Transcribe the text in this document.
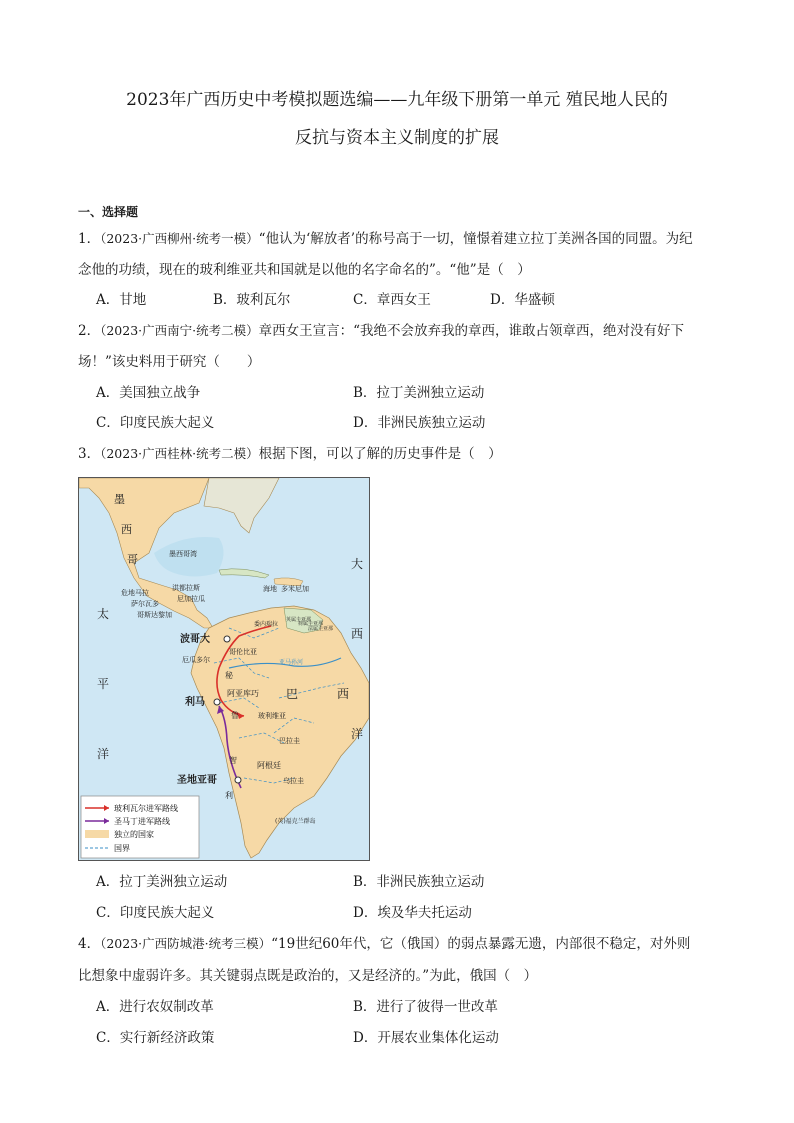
2023年广西历史中考模拟题选编——九年级下册第一单元 殖民地人民的
反抗与资本主义制度的扩展
一、选择题
1．（2023·广西柳州·统考一模）“他认为‘解放者’的称号高于一切，憧憬着建立拉丁美洲各国的同盟。为纪
念他的功绩，现在的玻利维亚共和国就是以他的名字命名的”。“他”是（　）
A．甘地	B．玻利瓦尔	C．章西女王	D．华盛顿
2．（2023·广西南宁·统考二模）章西女王宣言：“我绝不会放弃我的章西，谁敢占领章西，绝对没有好下
场！”该史料用于研究（　　）
A．美国独立战争	B．拉丁美洲独立运动
C．印度民族大起义	D．非洲民族独立运动
3．（2023·广西桂林·统考二模）根据下图，可以了解的历史事件是（　）
墨
西
哥	墨西哥湾
海地 多米尼加
洪都拉斯
尼加拉瓜
危地马拉
萨尔瓦多
哥斯达黎加
波哥大
委内瑞拉
哥伦比亚
英属圭亚那
荷属圭亚那
法属圭亚那
亚马孙河
厄瓜多尔
秘
鲁
利马
阿亚库巧 巴	西
玻利维亚
巴拉圭
阿根廷
乌拉圭
智
利
圣地亚哥
(英)福克兰群岛
太
平
洋
大
西
洋
玻利瓦尔进军路线
圣马丁进军路线
独立的国家
国界
A．拉丁美洲独立运动	B．非洲民族独立运动
C．印度民族大起义	D．埃及华夫托运动
4．（2023·广西防城港·统考三模）“19世纪60年代，它（俄国）的弱点暴露无遗，内部很不稳定，对外则
比想象中虚弱许多。其关键弱点既是政治的，又是经济的。”为此，俄国（　）
A．进行农奴制改革	B．进行了彼得一世改革
C．实行新经济政策	D．开展农业集体化运动
